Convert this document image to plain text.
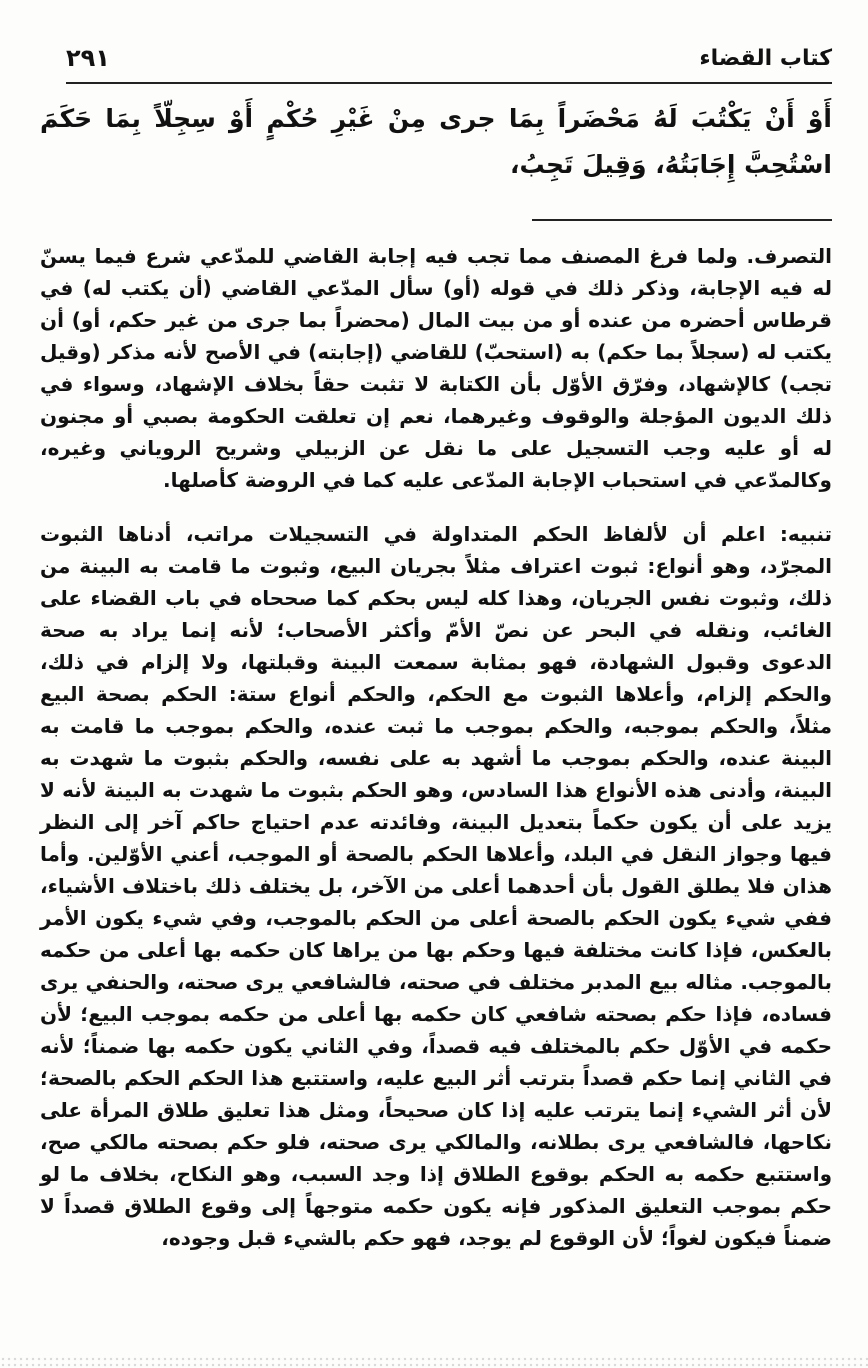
كتاب القضاء
٢٩١
أَوْ أَنْ يَكْتُبَ لَهُ مَحْضَراً بِمَا جرى مِنْ غَيْرِ حُكْمٍ أَوْ سِجِلّاً بِمَا حَكَمَ اسْتُحِبَّ إِجَابَتُهُ، وَقِيلَ تَجِبُ،

التصرف. ولما فرغ المصنف مما تجب فيه إجابة القاضي للمدّعي شرع فيما يسنّ له فيه الإجابة، وذكر ذلك في قوله (أو) سأل المدّعي القاضي (أن يكتب له) في قرطاس أحضره من عنده أو من بيت المال (محضراً بما جرى من غير حكم، أو) أن يكتب له (سجلاً بما حكم) به (استحبّ) للقاضي (إجابته) في الأصح لأنه مذكر (وقيل تجب) كالإشهاد، وفرّق الأوّل بأن الكتابة لا تثبت حقاً بخلاف الإشهاد، وسواء في ذلك الديون المؤجلة والوقوف وغيرهما، نعم إن تعلقت الحكومة بصبي أو مجنون له أو عليه وجب التسجيل على ما نقل عن الزبيلي وشريح الروياني وغيره، وكالمدّعي في استحباب الإجابة المدّعى عليه كما في الروضة كأصلها.

تنبيه: اعلم أن لألفاظ الحكم المتداولة في التسجيلات مراتب، أدناها الثبوت المجرّد، وهو أنواع: ثبوت اعتراف مثلاً بجريان البيع، وثبوت ما قامت به البينة من ذلك، وثبوت نفس الجريان، وهذا كله ليس بحكم كما صححاه في باب القضاء على الغائب، ونقله في البحر عن نصّ الأمّ وأكثر الأصحاب؛ لأنه إنما يراد به صحة الدعوى وقبول الشهادة، فهو بمثابة سمعت البينة وقبلتها، ولا إلزام في ذلك، والحكم إلزام، وأعلاها الثبوت مع الحكم، والحكم أنواع ستة: الحكم بصحة البيع مثلاً، والحكم بموجبه، والحكم بموجب ما ثبت عنده، والحكم بموجب ما قامت به البينة عنده، والحكم بموجب ما أشهد به على نفسه، والحكم بثبوت ما شهدت به البينة، وأدنى هذه الأنواع هذا السادس، وهو الحكم بثبوت ما شهدت به البينة لأنه لا يزيد على أن يكون حكماً بتعديل البينة، وفائدته عدم احتياج حاكم آخر إلى النظر فيها وجواز النقل في البلد، وأعلاها الحكم بالصحة أو الموجب، أعني الأوّلين. وأما هذان فلا يطلق القول بأن أحدهما أعلى من الآخر، بل يختلف ذلك باختلاف الأشياء، ففي شيء يكون الحكم بالصحة أعلى من الحكم بالموجب، وفي شيء يكون الأمر بالعكس، فإذا كانت مختلفة فيها وحكم بها من يراها كان حكمه بها أعلى من حكمه بالموجب. مثاله بيع المدبر مختلف في صحته، فالشافعي يرى صحته، والحنفي يرى فساده، فإذا حكم بصحته شافعي كان حكمه بها أعلى من حكمه بموجب البيع؛ لأن حكمه في الأوّل حكم بالمختلف فيه قصداً، وفي الثاني يكون حكمه بها ضمناً؛ لأنه في الثاني إنما حكم قصداً بترتب أثر البيع عليه، واستتبع هذا الحكم الحكم بالصحة؛ لأن أثر الشيء إنما يترتب عليه إذا كان صحيحاً، ومثل هذا تعليق طلاق المرأة على نكاحها، فالشافعي يرى بطلانه، والمالكي يرى صحته، فلو حكم بصحته مالكي صح، واستتبع حكمه به الحكم بوقوع الطلاق إذا وجد السبب، وهو النكاح، بخلاف ما لو حكم بموجب التعليق المذكور فإنه يكون حكمه متوجهاً إلى وقوع الطلاق قصداً لا ضمناً فيكون لغواً؛ لأن الوقوع لم يوجد، فهو حكم بالشيء قبل وجوده،
